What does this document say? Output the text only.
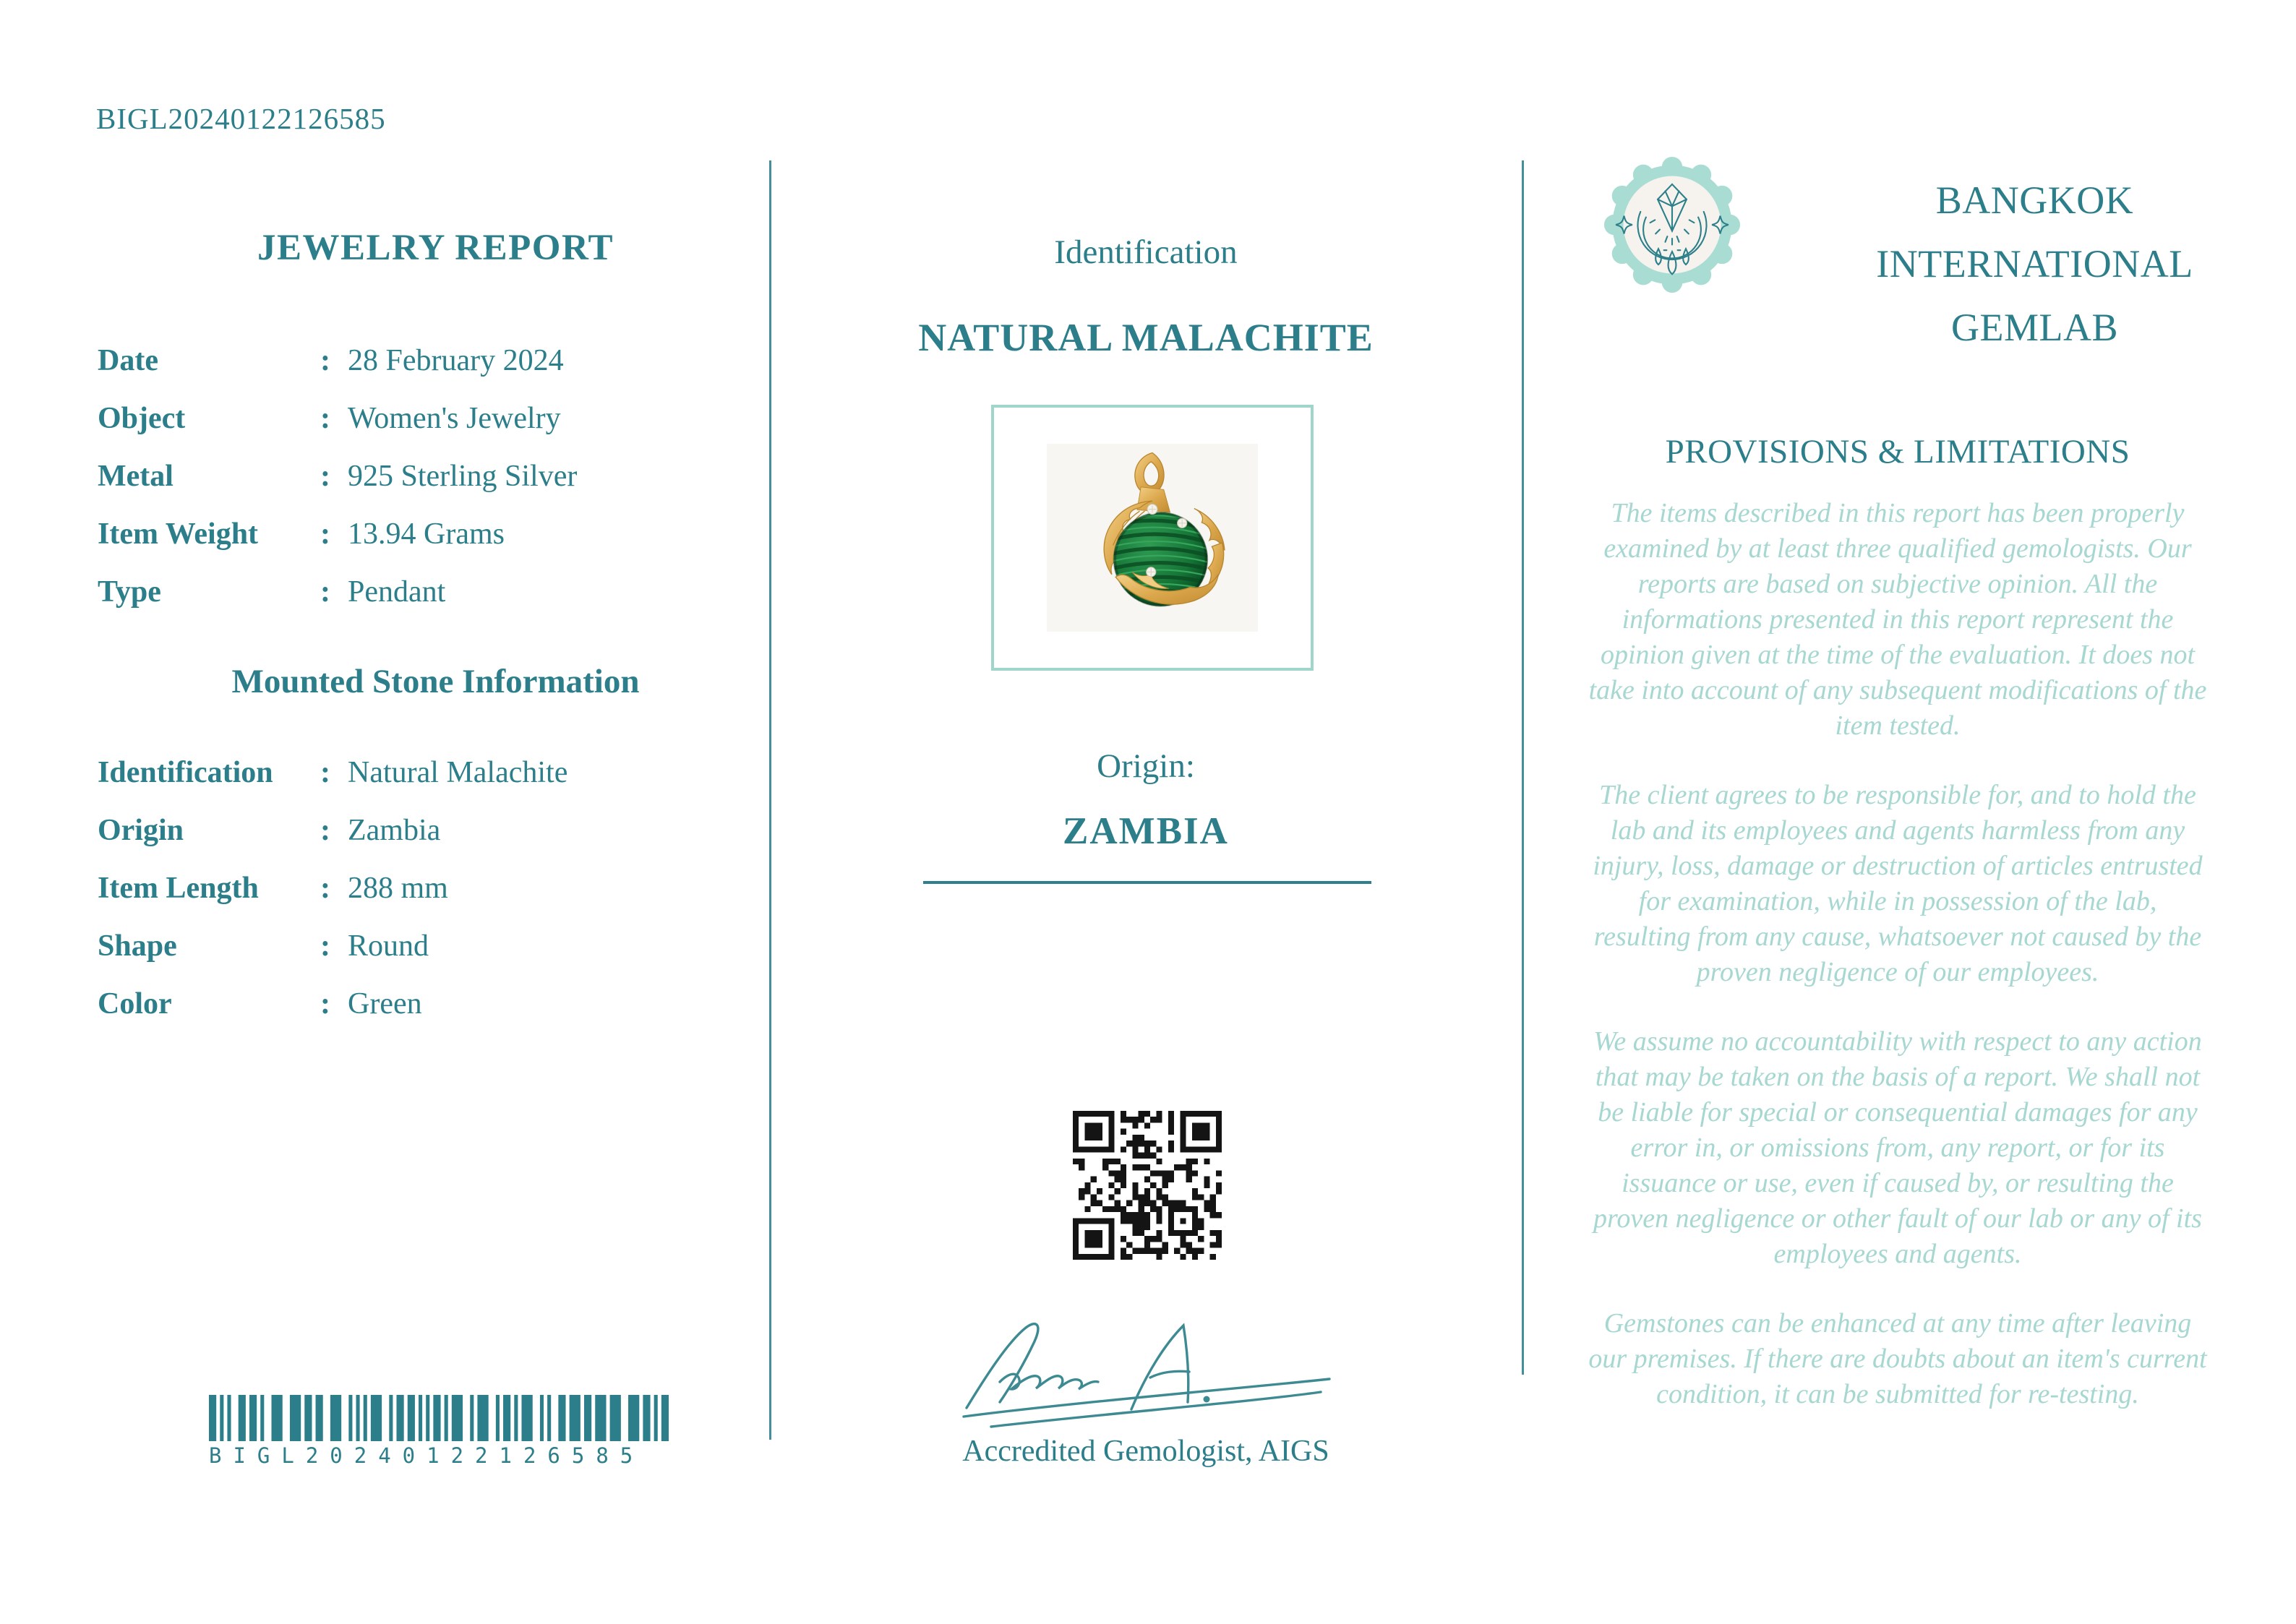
BIGL20240122126585
JEWELRY REPORT
Date	: 28 February 2024
Object	: Women's Jewelry
Metal	: 925 Sterling Silver
Item Weight	: 13.94 Grams
Type	: Pendant
Mounted Stone Information
Identification	: Natural Malachite
Origin	: Zambia
Item Length	: 288 mm
Shape	: Round
Color	: Green
BIGL20240122126585
Identification
NATURAL MALACHITE
Origin:
ZAMBIA
Accredited Gemologist, AIGS
BANGKOK
INTERNATIONAL
GEMLAB
PROVISIONS & LIMITATIONS

The items described in this report has been properly examined by at least three qualified gemologists. Our reports are based on subjective opinion. All the informations presented in this report represent the opinion given at the time of the evaluation. It does not take into account of any subsequent modifications of the item tested.

The client agrees to be responsible for, and to hold the lab and its employees and agents harmless from any injury, loss, damage or destruction of articles entrusted for examination, while in possession of the lab, resulting from any cause, whatsoever not caused by the proven negligence of our employees.

We assume no accountability with respect to any action that may be taken on the basis of a report. We shall not be liable for special or consequential damages for any error in, or omissions from, any report, or for its issuance or use, even if caused by, or resulting the proven negligence or other fault of our lab or any of its employees and agents.

Gemstones can be enhanced at any time after leaving our premises. If there are doubts about an item's current condition, it can be submitted for re-testing.
